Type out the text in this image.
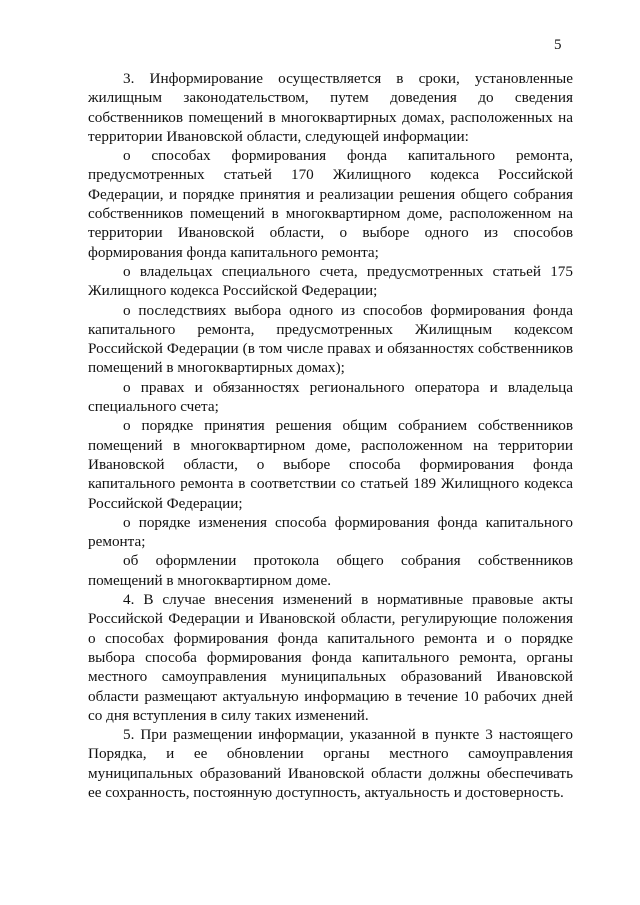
5

3. Информирование осуществляется в сроки, установленные жилищным законодательством, путем доведения до сведения собственников помещений в многоквартирных домах, расположенных на территории Ивановской области, следующей информации:

о способах формирования фонда капитального ремонта, предусмотренных статьей 170 Жилищного кодекса Российской Федерации, и порядке принятия и реализации решения общего собрания собственников помещений в многоквартирном доме, расположенном на территории Ивановской области, о выборе одного из способов формирования фонда капитального ремонта;

о владельцах специального счета, предусмотренных статьей 175 Жилищного кодекса Российской Федерации;

о последствиях выбора одного из способов формирования фонда капитального ремонта, предусмотренных Жилищным кодексом Российской Федерации (в том числе правах и обязанностях собственников помещений в многоквартирных домах);

о правах и обязанностях регионального оператора и владельца специального счета;

о порядке принятия решения общим собранием собственников помещений в многоквартирном доме, расположенном на территории Ивановской области, о выборе способа формирования фонда капитального ремонта в соответствии со статьей 189 Жилищного кодекса Российской Федерации;

о порядке изменения способа формирования фонда капитального ремонта;

об оформлении протокола общего собрания собственников помещений в многоквартирном доме.

4. В случае внесения изменений в нормативные правовые акты Российской Федерации и Ивановской области, регулирующие положения о способах формирования фонда капитального ремонта и о порядке выбора способа формирования фонда капитального ремонта, органы местного самоуправления муниципальных образований Ивановской области размещают актуальную информацию в течение 10 рабочих дней со дня вступления в силу таких изменений.

5. При размещении информации, указанной в пункте 3 настоящего Порядка, и ее обновлении органы местного самоуправления муниципальных образований Ивановской области должны обеспечивать ее сохранность, постоянную доступность, актуальность и достоверность.
